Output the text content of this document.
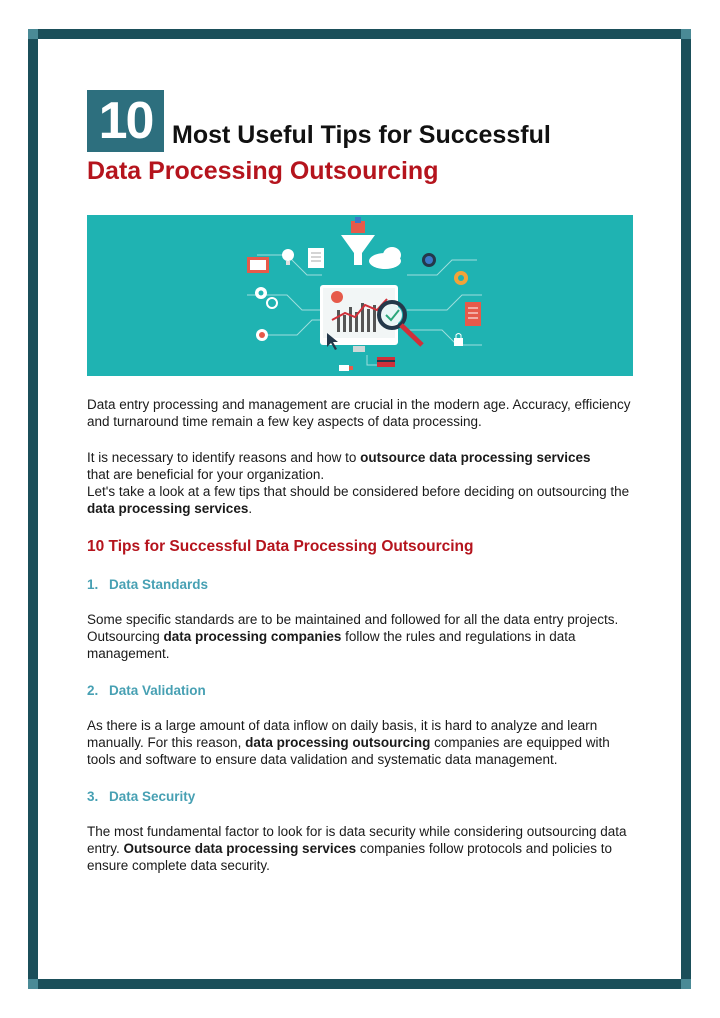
10 Most Useful Tips for Successful
Data Processing Outsourcing

Data entry processing and management are crucial in the modern age. Accuracy, efficiency and turnaround time remain a few key aspects of data processing.

It is necessary to identify reasons and how to outsource data processing services
that are beneficial for your organization.
Let's take a look at a few tips that should be considered before deciding on outsourcing the data processing services.

10 Tips for Successful Data Processing Outsourcing
1. Data Standards

Some specific standards are to be maintained and followed for all the data entry projects. Outsourcing data processing companies follow the rules and regulations in data management.

2. Data Validation

As there is a large amount of data inflow on daily basis, it is hard to analyze and learn manually. For this reason, data processing outsourcing companies are equipped with tools and software to ensure data validation and systematic data management.

3. Data Security

The most fundamental factor to look for is data security while considering outsourcing data entry. Outsource data processing services companies follow protocols and policies to ensure complete data security.
